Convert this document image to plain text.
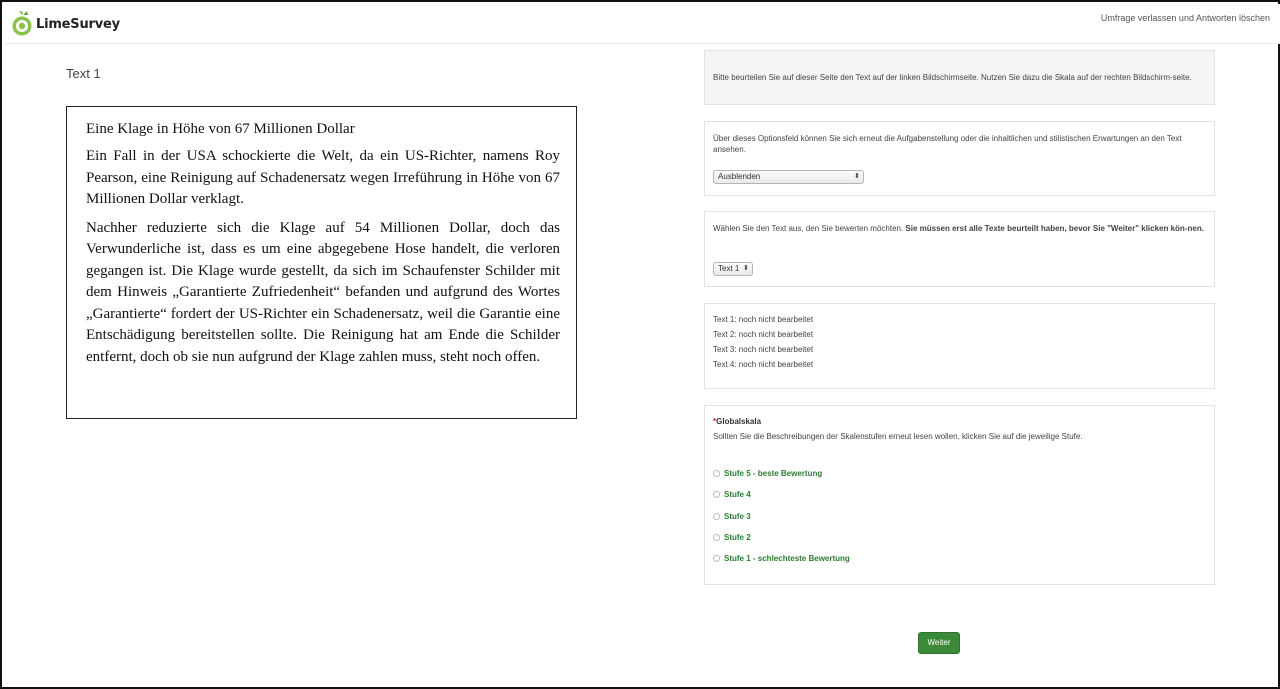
LimeSurvey	Umfrage verlassen und Antworten löschen
Text 1
Eine Klage in Höhe von 67 Millionen Dollar

Ein Fall in der USA schockierte die Welt, da ein US-Richter, namens Roy Pearson, eine Reinigung auf Schadenersatz wegen Irreführung in Höhe von 67 Millionen Dollar verklagt.

Nachher reduzierte sich die Klage auf 54 Millionen Dollar, doch das Verwunderliche ist, dass es um eine abgegebene Hose handelt, die verloren gegangen ist. Die Klage wurde gestellt, da sich im Schaufenster Schilder mit dem Hinweis „Garantierte Zufriedenheit“ befanden und aufgrund des Wortes „Garantierte“ fordert der US-Richter ein Schadenersatz, weil die Garantie eine Entschädigung bereitstellen sollte. Die Reinigung hat am Ende die Schilder entfernt, doch ob sie nun aufgrund der Klage zahlen muss, steht noch offen.

Bitte beurteilen Sie auf dieser Seite den Text auf der linken Bildschirmseite. Nutzen Sie dazu die Skala auf der rechten Bildschirm-seite.
Über dieses Optionsfeld können Sie sich erneut die Aufgabenstellung oder die inhaltlichen und stilistischen Erwartungen an den Text ansehen.
Ausblenden	⬍
Wählen Sie den Text aus, den Sie bewerten möchten. Sie müssen erst alle Texte beurteilt haben, bevor Sie "Weiter" klicken kön-nen.
Text 1 ⬍
Text 1: noch nicht bearbeitet
Text 2: noch nicht bearbeitet
Text 3: noch nicht bearbeitet
Text 4: noch nicht bearbeitet
*Globalskala
Sollten Sie die Beschreibungen der Skalenstufen erneut lesen wollen, klicken Sie auf die jeweilige Stufe.
Stufe 5 - beste Bewertung
Stufe 4
Stufe 3
Stufe 2
Stufe 1 - schlechteste Bewertung
Weiter
